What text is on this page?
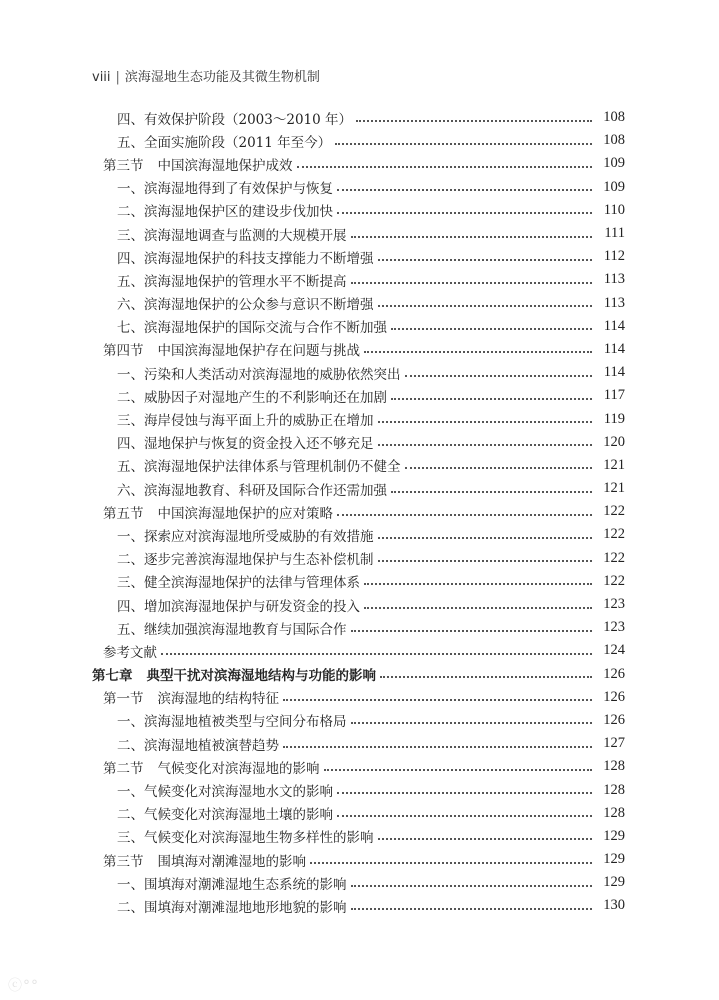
viii | 滨海湿地生态功能及其微生物机制
四、有效保护阶段（2003～2010 年）	108
五、全面实施阶段（2011 年至今）	108
第三节 中国滨海湿地保护成效	109
一、滨海湿地得到了有效保护与恢复	109
二、滨海湿地保护区的建设步伐加快	110
三、滨海湿地调查与监测的大规模开展	111
四、滨海湿地保护的科技支撑能力不断增强	112
五、滨海湿地保护的管理水平不断提高	113
六、滨海湿地保护的公众参与意识不断增强	113
七、滨海湿地保护的国际交流与合作不断加强	114
第四节 中国滨海湿地保护存在问题与挑战	114
一、污染和人类活动对滨海湿地的威胁依然突出	114
二、威胁因子对湿地产生的不利影响还在加剧	117
三、海岸侵蚀与海平面上升的威胁正在增加	119
四、湿地保护与恢复的资金投入还不够充足	120
五、滨海湿地保护法律体系与管理机制仍不健全	121
六、滨海湿地教育、科研及国际合作还需加强	121
第五节 中国滨海湿地保护的应对策略	122
一、探索应对滨海湿地所受威胁的有效措施	122
二、逐步完善滨海湿地保护与生态补偿机制	122
三、健全滨海湿地保护的法律与管理体系	122
四、增加滨海湿地保护与研发资金的投入	123
五、继续加强滨海湿地教育与国际合作	123
参考文献	124
第七章 典型干扰对滨海湿地结构与功能的影响	126
第一节 滨海湿地的结构特征	126
一、滨海湿地植被类型与空间分布格局	126
二、滨海湿地植被演替趋势	127
第二节 气候变化对滨海湿地的影响	128
一、气候变化对滨海湿地水文的影响	128
二、气候变化对滨海湿地土壤的影响	128
三、气候变化对滨海湿地生物多样性的影响	129
第三节 围填海对潮滩湿地的影响	129
一、围填海对潮滩湿地生态系统的影响	129
二、围填海对潮滩湿地地形地貌的影响	130
ⓒ°°
